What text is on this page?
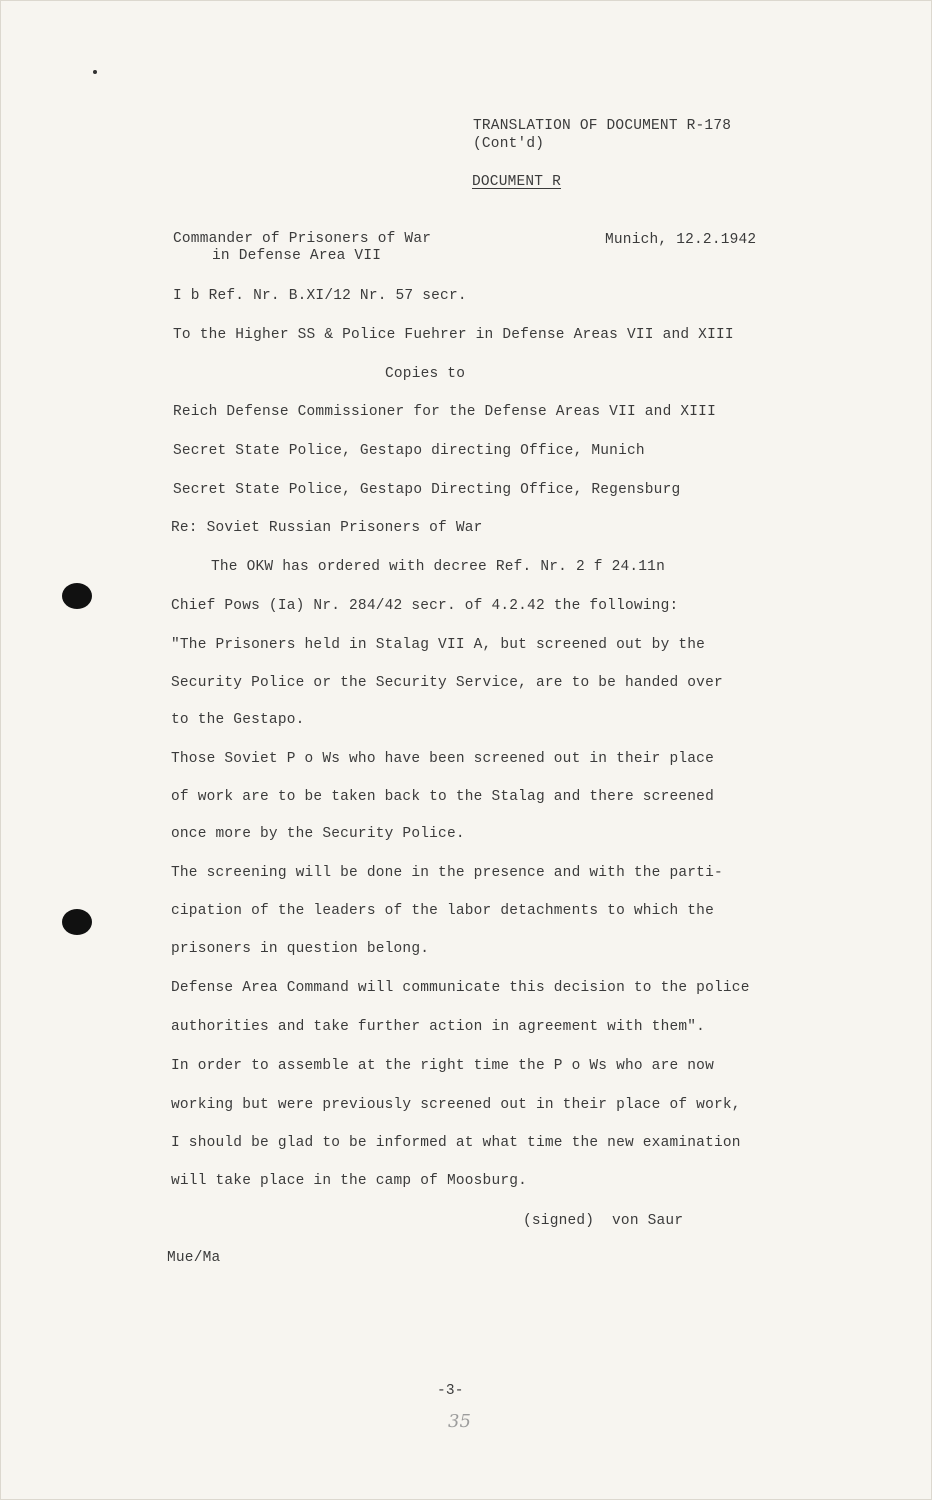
TRANSLATION OF DOCUMENT R-178
(Cont'd)
DOCUMENT R
Commander of Prisoners of War
in Defense Area VII
Munich, 12.2.1942
I b Ref. Nr. B.XI/12 Nr. 57 secr.
To the Higher SS & Police Fuehrer in Defense Areas VII and XIII
Copies to
Reich Defense Commissioner for the Defense Areas VII and XIII
Secret State Police, Gestapo directing Office, Munich
Secret State Police, Gestapo Directing Office, Regensburg
Re: Soviet Russian Prisoners of War
The OKW has ordered with decree Ref. Nr. 2 f 24.11n
Chief Pows (Ia) Nr. 284/42 secr. of 4.2.42 the following:
"The Prisoners held in Stalag VII A, but screened out by the
Security Police or the Security Service, are to be handed over
to the Gestapo.
Those Soviet P o Ws who have been screened out in their place
of work are to be taken back to the Stalag and there screened
once more by the Security Police.
The screening will be done in the presence and with the parti-
cipation of the leaders of the labor detachments to which the
prisoners in question belong.
Defense Area Command will communicate this decision to the police
authorities and take further action in agreement with them".
In order to assemble at the right time the P o Ws who are now
working but were previously screened out in their place of work,
I should be glad to be informed at what time the new examination
will take place in the camp of Moosburg.
(signed)  von Saur
Mue/Ma
-3-
35
